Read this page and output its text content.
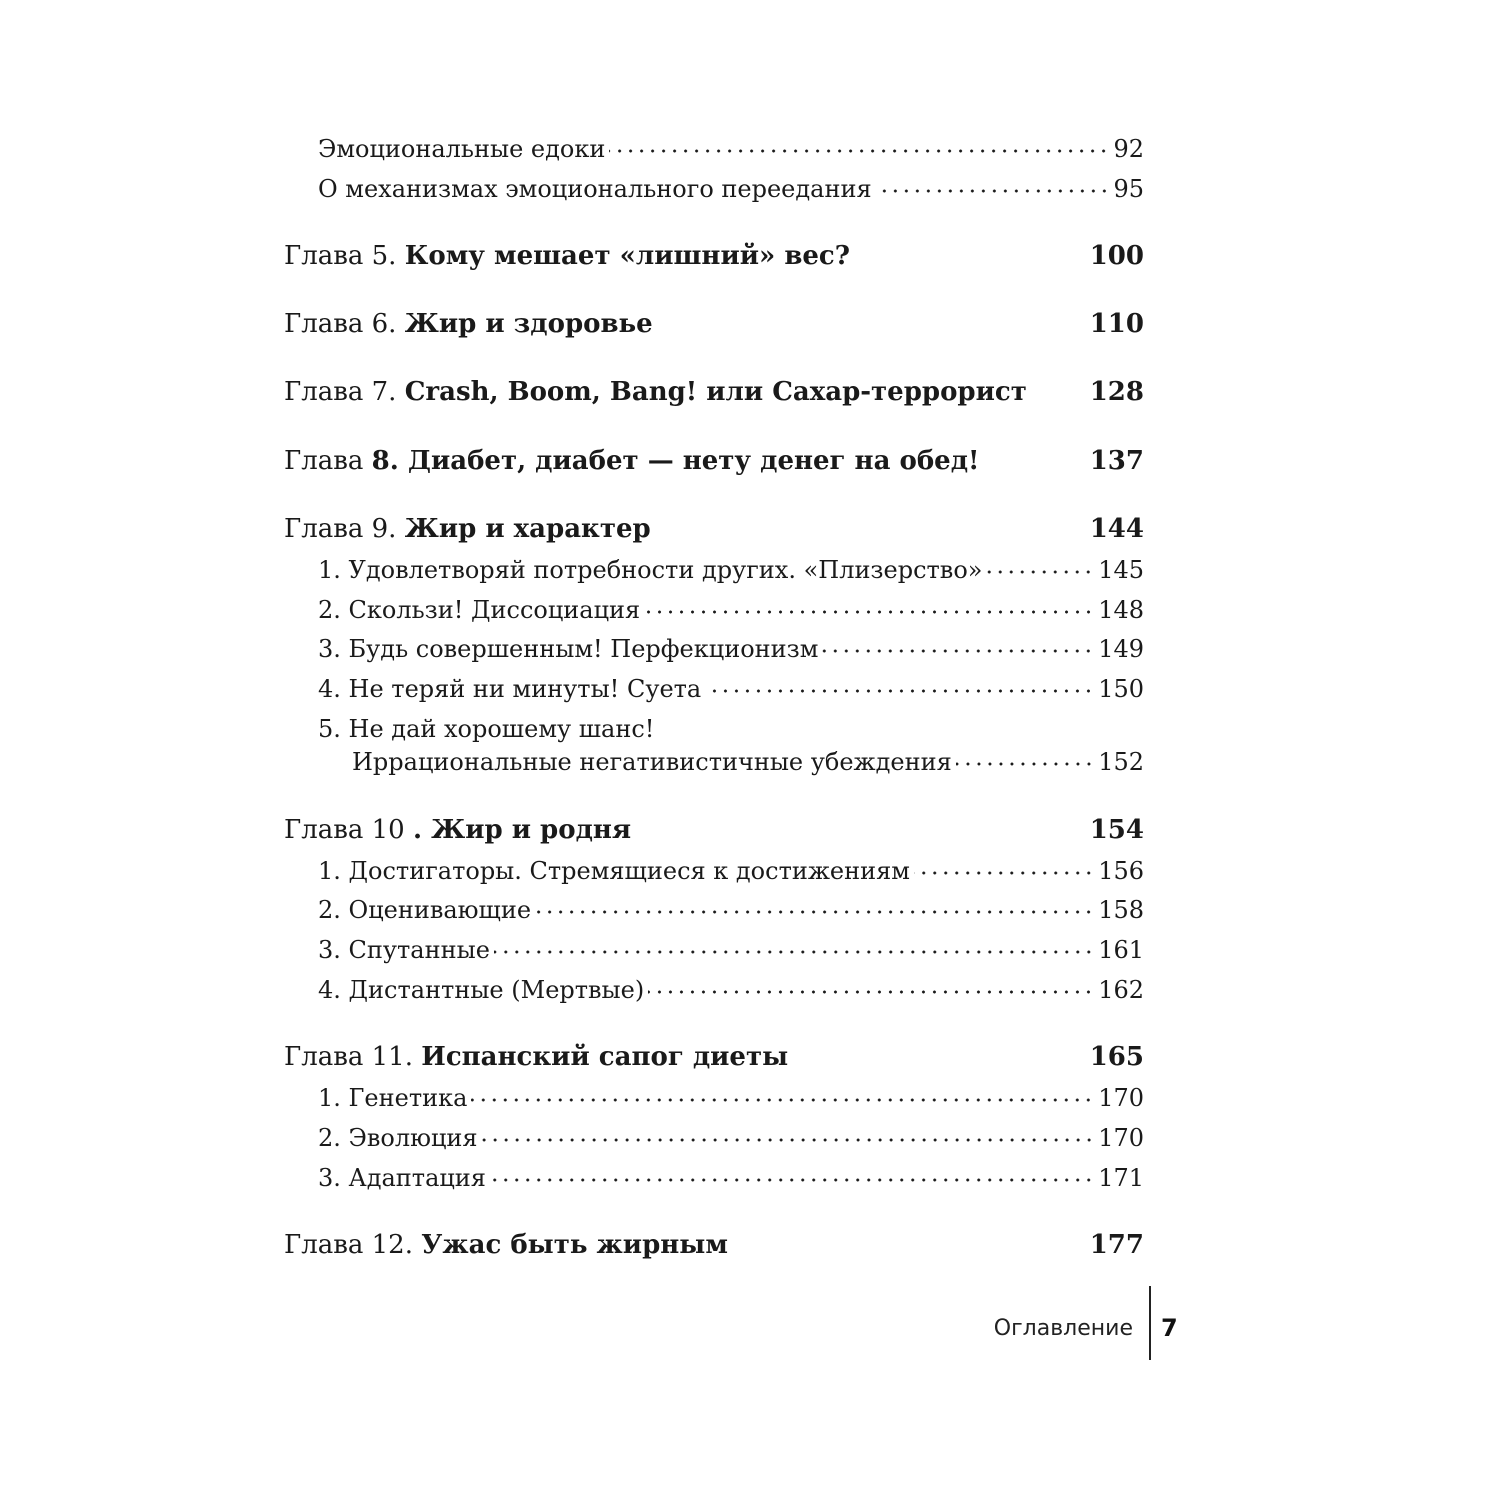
Эмоциональные едоки	92
О механизмах эмоционального переедания	95
Глава 5. Кому мешает «лишний» вес?	100
Глава 6. Жир и здоровье	110
Глава 7. Crash, Boom, Bang! или Сахар-террорист 128
Глава 8. Диабет, диабет — нету денег на обед!	137
Глава 9. Жир и характер	144
1. Удовлетворяй потребности других. «Плизерство»	145
2. Скользи! Диссоциация	148
3. Будь совершенным! Перфекционизм	149
4. Не теряй ни минуты! Суета	150
5. Не дай хорошему шанс!
Иррациональные негативистичные убеждения	152
Глава 10 . Жир и родня	154
1. Достигаторы. Стремящиеся к достижениям	156
2. Оценивающие	158
3. Спутанные	161
4. Дистантные (Мертвые)	162
Глава 11. Испанский сапог диеты	165
1. Генетика	170
2. Эволюция	170
3. Адаптация	171
Глава 12. Ужас быть жирным	177
Оглавление 7
